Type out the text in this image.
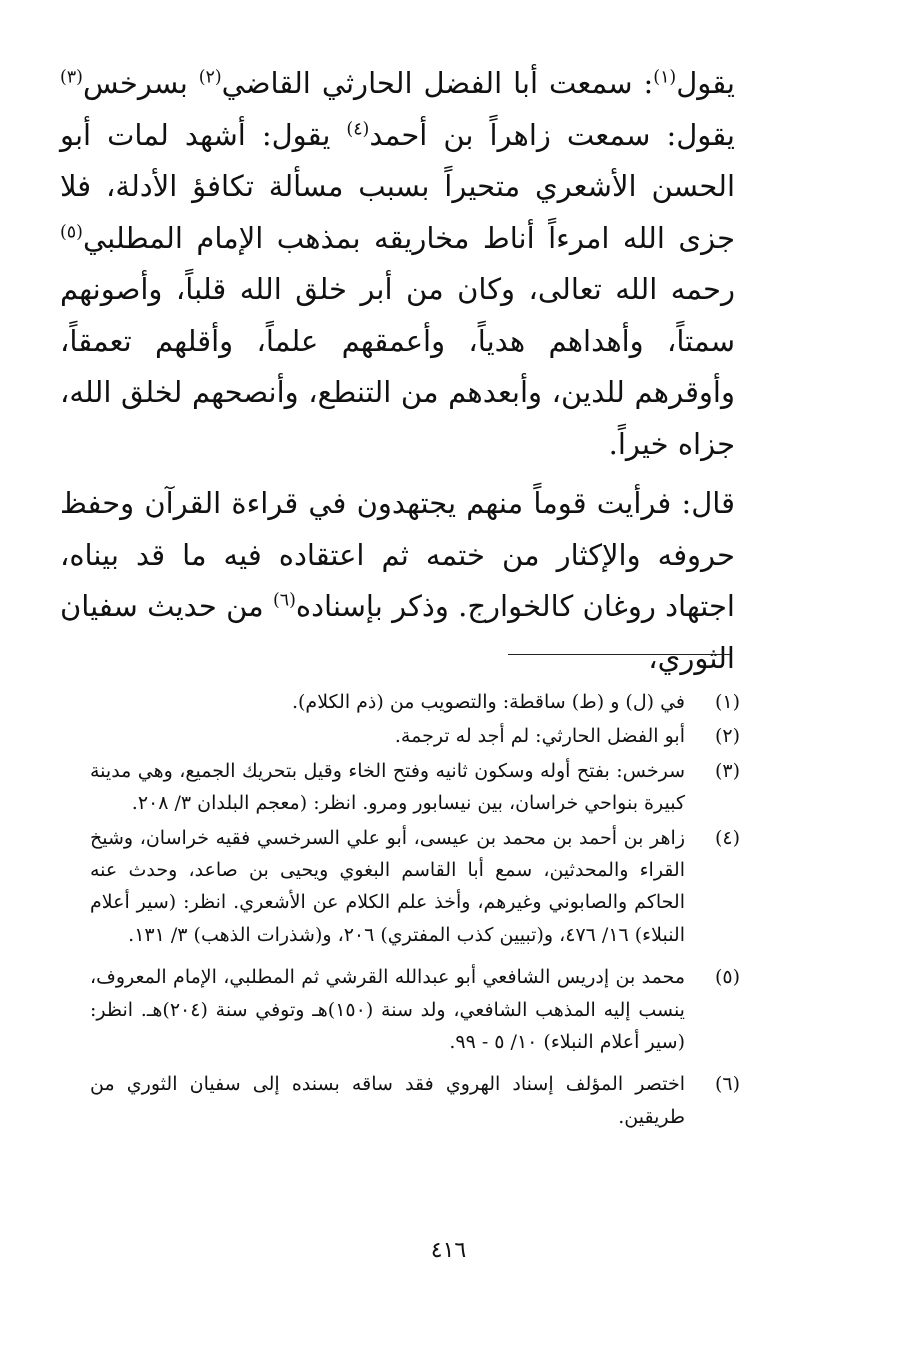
يقول$^{(١)}$: سمعت أبا الفضل الحارثي القاضي$^{(٢)}$ بسرخس$^{(٣)}$ يقول: سمعت زاهراً بن أحمد$^{(٤)}$ يقول: أشهد لمات أبو الحسن الأشعري متحيراً بسبب مسألة تكافؤ الأدلة، فلا جزى الله امرءاً أناط مخاريقه بمذهب الإمام المطلبي$^{(٥)}$ رحمه الله تعالى، وكان من أبر خلق الله قلباً، وأصونهم سمتاً، وأهداهم هدياً، وأعمقهم علماً، وأقلهم تعمقاً، وأوقرهم للدين، وأبعدهم من التنطع، وأنصحهم لخلق الله، جزاه خيراً.

قال: فرأيت قوماً منهم يجتهدون في قراءة القرآن وحفظ حروفه والإكثار من ختمه ثم اعتقاده فيه ما قد بيناه، اجتهاد روغان كالخوارج. وذكر بإسناده$^{(٦)}$ من حديث سفيان الثوري،

(١)
في (ل) و (ط) ساقطة: والتصويب من (ذم الكلام).
(٢)
أبو الفضل الحارثي: لم أجد له ترجمة.
(٣)
سرخس: بفتح أوله وسكون ثانيه وفتح الخاء وقيل بتحريك الجميع، وهي مدينة كبيرة بنواحي خراسان، بين نيسابور ومرو. انظر: (معجم البلدان ٣/ ٢٠٨.
(٤)
زاهر بن أحمد بن محمد بن عيسى، أبو علي السرخسي فقيه خراسان، وشيخ القراء والمحدثين، سمع أبا القاسم البغوي ويحيى بن صاعد، وحدث عنه الحاكم والصابوني وغيرهم، وأخذ علم الكلام عن الأشعري. انظر: (سير أعلام النبلاء) ١٦/ ٤٧٦، و(تبيين كذب المفتري) ٢٠٦، و(شذرات الذهب) ٣/ ١٣١.
(٥)
محمد بن إدريس الشافعي أبو عبدالله القرشي ثم المطلبي، الإمام المعروف، ينسب إليه المذهب الشافعي، ولد سنة (١٥٠)هـ وتوفي سنة (٢٠٤)هـ. انظر: (سير أعلام النبلاء) ١٠/ ٥ - ٩٩.
(٦)
اختصر المؤلف إسناد الهروي فقد ساقه بسنده إلى سفيان الثوري من طريقين.
٤١٦
